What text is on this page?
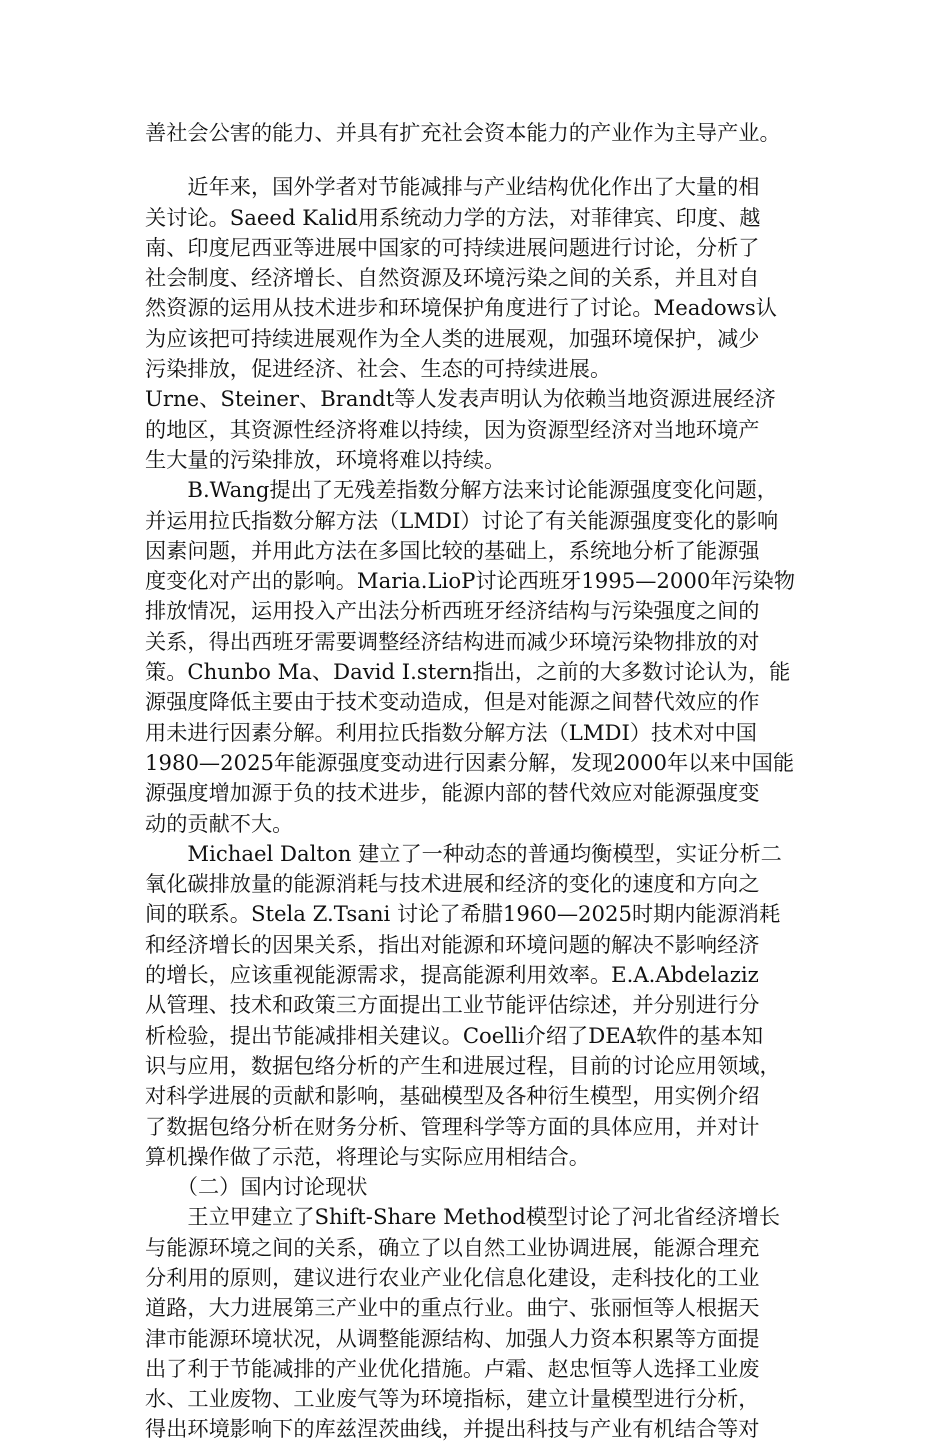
善社会公害的能力、并具有扩充社会资本能力的产业作为主导产业。
　　近年来，国外学者对节能减排与产业结构优化作出了大量的相
关讨论。Saeed Kalid用系统动力学的方法，对菲律宾、印度、越
南、印度尼西亚等进展中国家的可持续进展问题进行讨论，分析了
社会制度、经济增长、自然资源及环境污染之间的关系，并且对自
然资源的运用从技术进步和环境保护角度进行了讨论。Meadows认
为应该把可持续进展观作为全人类的进展观，加强环境保护，减少
污染排放，促进经济、社会、生态的可持续进展。
Urne、Steiner、Brandt等人发表声明认为依赖当地资源进展经济
的地区，其资源性经济将难以持续，因为资源型经济对当地环境产
生大量的污染排放，环境将难以持续。
　　B.Wang提出了无残差指数分解方法来讨论能源强度变化问题，
并运用拉氏指数分解方法（LMDI）讨论了有关能源强度变化的影响
因素问题，并用此方法在多国比较的基础上，系统地分析了能源强
度变化对产出的影响。Maria.LioP讨论西班牙1995—2000年污染物
排放情况，运用投入产出法分析西班牙经济结构与污染强度之间的
关系，得出西班牙需要调整经济结构进而减少环境污染物排放的对
策。Chunbo Ma、David I.stern指出，之前的大多数讨论认为，能
源强度降低主要由于技术变动造成，但是对能源之间替代效应的作
用未进行因素分解。利用拉氏指数分解方法（LMDI）技术对中国
1980—2025年能源强度变动进行因素分解，发现2000年以来中国能
源强度增加源于负的技术进步，能源内部的替代效应对能源强度变
动的贡献不大。
　　Michael Dalton 建立了一种动态的普通均衡模型，实证分析二
氧化碳排放量的能源消耗与技术进展和经济的变化的速度和方向之
间的联系。Stela Z.Tsani 讨论了希腊1960—2025时期内能源消耗
和经济增长的因果关系，指出对能源和环境问题的解决不影响经济
的增长，应该重视能源需求，提高能源利用效率。E.A.Abdelaziz
从管理、技术和政策三方面提出工业节能评估综述，并分别进行分
析检验，提出节能减排相关建议。Coelli介绍了DEA软件的基本知
识与应用，数据包络分析的产生和进展过程，目前的讨论应用领域，
对科学进展的贡献和影响，基础模型及各种衍生模型，用实例介绍
了数据包络分析在财务分析、管理科学等方面的具体应用，并对计
算机操作做了示范，将理论与实际应用相结合。
　　（二）国内讨论现状
　　王立甲建立了Shift-Share Method模型讨论了河北省经济增长
与能源环境之间的关系，确立了以自然工业协调进展，能源合理充
分利用的原则，建议进行农业产业化信息化建设，走科技化的工业
道路，大力进展第三产业中的重点行业。曲宁、张丽恒等人根据天
津市能源环境状况，从调整能源结构、加强人力资本积累等方面提
出了利于节能减排的产业优化措施。卢霜、赵忠恒等人选择工业废
水、工业废物、工业废气等为环境指标，建立计量模型进行分析，
得出环境影响下的库兹涅茨曲线，并提出科技与产业有机结合等对
